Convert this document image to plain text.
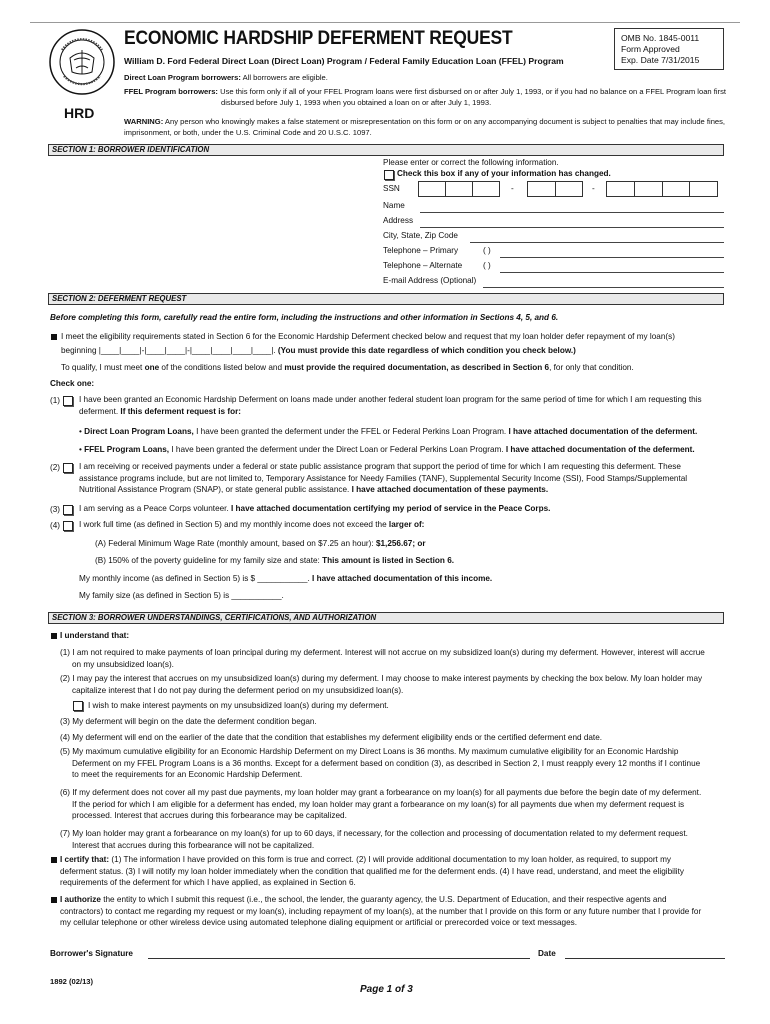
ECONOMIC HARDSHIP DEFERMENT REQUEST
William D. Ford Federal Direct Loan (Direct Loan) Program / Federal Family Education Loan (FFEL) Program
OMB No. 1845-0011
Form Approved
Exp. Date 7/31/2015
HRD
Direct Loan Program borrowers: All borrowers are eligible.
FFEL Program borrowers: Use this form only if all of your FFEL Program loans were first disbursed on or after July 1, 1993, or if you had no balance on a FFEL Program loan first disbursed before July 1, 1993 when you obtained a loan on or after July 1, 1993.
WARNING: Any person who knowingly makes a false statement or misrepresentation on this form or on any accompanying document is subject to penalties that may include fines, imprisonment, or both, under the U.S. Criminal Code and 20 U.S.C. 1097.
SECTION 1: BORROWER IDENTIFICATION
Please enter or correct the following information.
Check this box if any of your information has changed.
SSN	-	-
Name
Address
City, State, Zip Code
Telephone – Primary	( )
Telephone – Alternate	( )
E-mail Address (Optional)
SECTION 2: DEFERMENT REQUEST
Before completing this form, carefully read the entire form, including the instructions and other information in Sections 4, 5, and 6.
I meet the eligibility requirements stated in Section 6 for the Economic Hardship Deferment checked below and request that my loan holder defer repayment of my loan(s)
beginning |____|____|-|____|____|-|____|____|____|____|. (You must provide this date regardless of which condition you check below.)
To qualify, I must meet one of the conditions listed below and must provide the required documentation, as described in Section 6, for only that condition.
Check one:
(1) I have been granted an Economic Hardship Deferment on loans made under another federal student loan program for the same period of time for which I am requesting this
deferment. If this deferment request is for:
• Direct Loan Program Loans, I have been granted the deferment under the FFEL or Federal Perkins Loan Program. I have attached documentation of the deferment.
• FFEL Program Loans, I have been granted the deferment under the Direct Loan or Federal Perkins Loan Program. I have attached documentation of the deferment.
(2) I am receiving or received payments under a federal or state public assistance program that support the period of time for which I am requesting this deferment. These
assistance programs include, but are not limited to, Temporary Assistance for Needy Families (TANF), Supplemental Security Income (SSI), Food Stamps/Supplemental
Nutritional Assistance Program (SNAP), or state general public assistance. I have attached documentation of these payments.
(3) I am serving as a Peace Corps volunteer. I have attached documentation certifying my period of service in the Peace Corps.
(4) I work full time (as defined in Section 5) and my monthly income does not exceed the larger of:
(A) Federal Minimum Wage Rate (monthly amount, based on $7.25 an hour): $1,256.67; or
(B) 150% of the poverty guideline for my family size and state: This amount is listed in Section 6.
My monthly income (as defined in Section 5) is $ ___________. I have attached documentation of this income.
My family size (as defined in Section 5) is ___________.
SECTION 3: BORROWER UNDERSTANDINGS, CERTIFICATIONS, AND AUTHORIZATION
I understand that:
(1) I am not required to make payments of loan principal during my deferment. Interest will not accrue on my subsidized loan(s) during my deferment. However, interest will accrue
on my unsubsidized loan(s).
(2) I may pay the interest that accrues on my unsubsidized loan(s) during my deferment. I may choose to make interest payments by checking the box below. My loan holder may
capitalize interest that I do not pay during the deferment period on my unsubsidized loan(s).
I wish to make interest payments on my unsubsidized loan(s) during my deferment.
(3) My deferment will begin on the date the deferment condition began.
(4) My deferment will end on the earlier of the date that the condition that establishes my deferment eligibility ends or the certified deferment end date.
(5) My maximum cumulative eligibility for an Economic Hardship Deferment on my Direct Loans is 36 months. My maximum cumulative eligibility for an Economic Hardship
Deferment on my FFEL Program Loans is a 36 months. Except for a deferment based on condition (3), as described in Section 2, I must reapply every 12 months if I continue
to meet the requirements for an Economic Hardship Deferment.
(6) If my deferment does not cover all my past due payments, my loan holder may grant a forbearance on my loan(s) for all payments due before the begin date of my deferment.
If the period for which I am eligible for a deferment has ended, my loan holder may grant a forbearance on my loan(s) for all payments due when my deferment request is
processed. Interest that accrues during this forbearance may be capitalized.
(7) My loan holder may grant a forbearance on my loan(s) for up to 60 days, if necessary, for the collection and processing of documentation related to my deferment request.
Interest that accrues during this forbearance will not be capitalized.
I certify that: (1) The information I have provided on this form is true and correct. (2) I will provide additional documentation to my loan holder, as required, to support my
deferment status. (3) I will notify my loan holder immediately when the condition that qualified me for the deferment ends. (4) I have read, understand, and meet the eligibility
requirements of the deferment for which I have applied, as explained in Section 6.
I authorize the entity to which I submit this request (i.e., the school, the lender, the guaranty agency, the U.S. Department of Education, and their respective agents and
contractors) to contact me regarding my request or my loan(s), including repayment of my loan(s), at the number that I provide on this form or any future number that I provide for
my cellular telephone or other wireless device using automated telephone dialing equipment or artificial or prerecorded voice or text messages.
Borrower's Signature	Date
1892 (02/13)
Page 1 of 3
